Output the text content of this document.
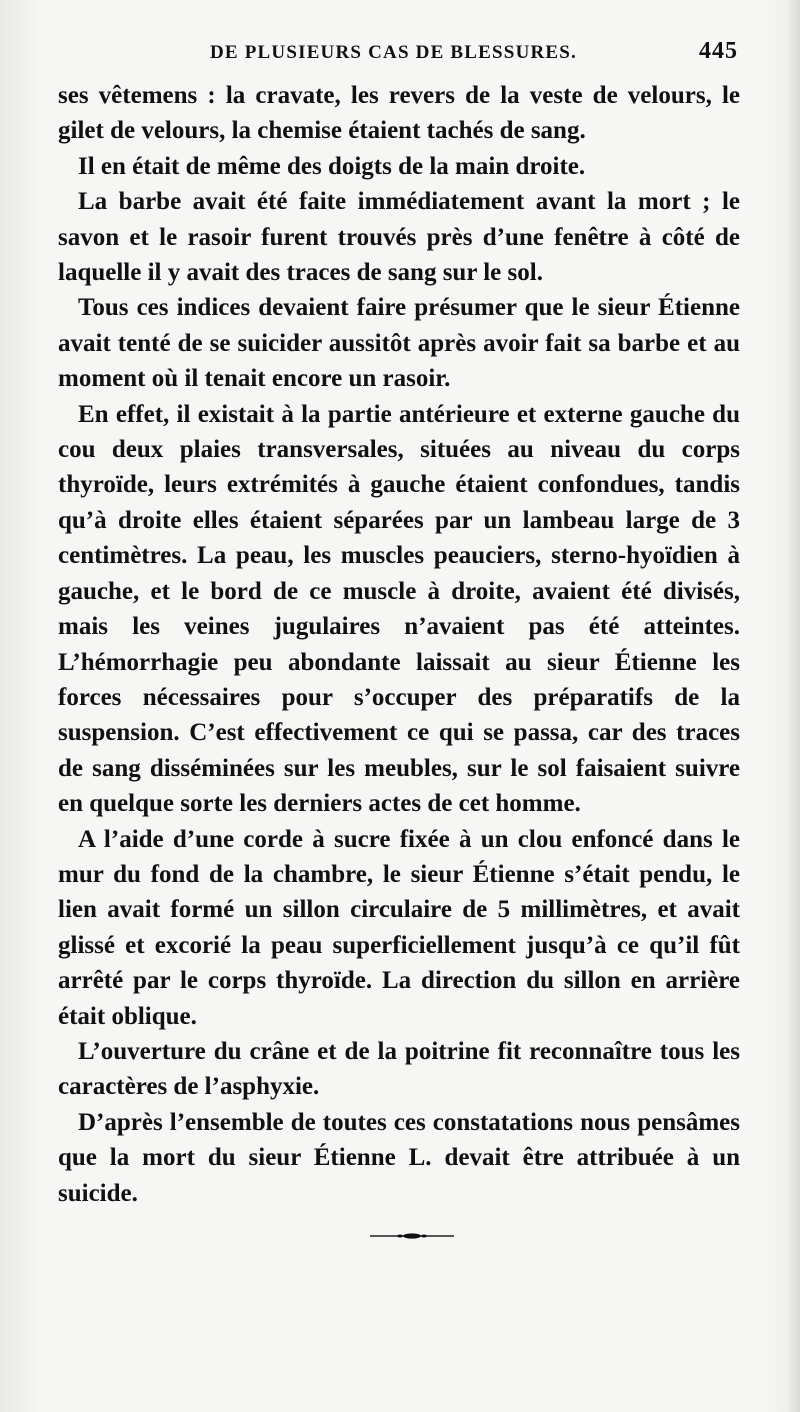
DE PLUSIEURS CAS DE BLESSURES.	445

ses vêtemens : la cravate, les revers de la veste de velours, le gilet de velours, la chemise étaient tachés de sang.

Il en était de même des doigts de la main droite.

La barbe avait été faite immédiatement avant la mort ; le savon et le rasoir furent trouvés près d’une fenêtre à côté de laquelle il y avait des traces de sang sur le sol.

Tous ces indices devaient faire présumer que le sieur Étienne avait tenté de se suicider aussitôt après avoir fait sa barbe et au moment où il tenait encore un rasoir.

En effet, il existait à la partie antérieure et externe gauche du cou deux plaies transversales, situées au niveau du corps thyroïde, leurs extrémités à gauche étaient confondues, tandis qu’à droite elles étaient séparées par un lambeau large de 3 centimètres. La peau, les muscles peauciers, sterno-hyoïdien à gauche, et le bord de ce muscle à droite, avaient été divisés, mais les veines jugulaires n’avaient pas été atteintes. L’hémorrhagie peu abondante laissait au sieur Étienne les forces nécessaires pour s’occuper des préparatifs de la suspension. C’est effectivement ce qui se passa, car des traces de sang disséminées sur les meubles, sur le sol faisaient suivre en quelque sorte les derniers actes de cet homme.

A l’aide d’une corde à sucre fixée à un clou enfoncé dans le mur du fond de la chambre, le sieur Étienne s’était pendu, le lien avait formé un sillon circulaire de 5 millimètres, et avait glissé et excorié la peau superficiellement jusqu’à ce qu’il fût arrêté par le corps thyroïde. La direction du sillon en arrière était oblique.

L’ouverture du crâne et de la poitrine fit reconnaître tous les caractères de l’asphyxie.

D’après l’ensemble de toutes ces constatations nous pensâmes que la mort du sieur Étienne L. devait être attribuée à un suicide.
